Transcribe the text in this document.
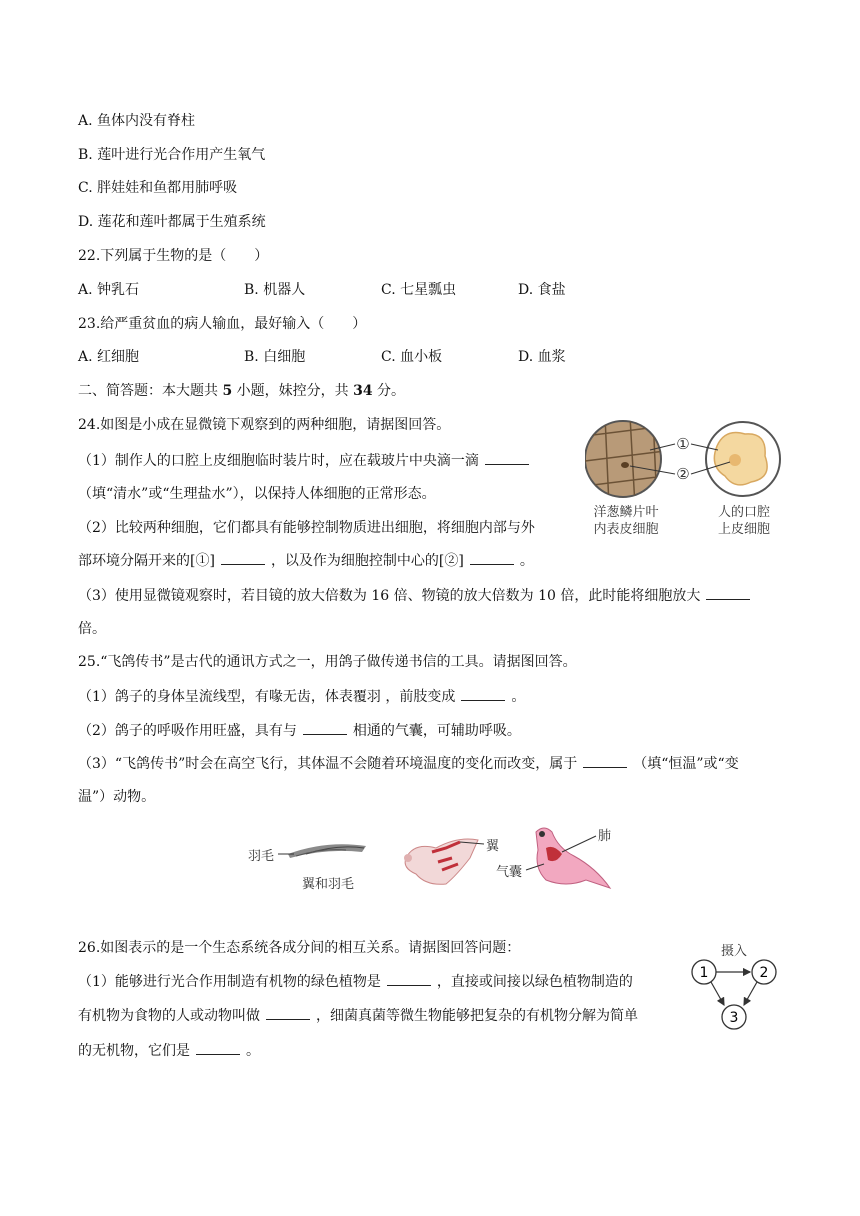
A. 鱼体内没有脊柱
B. 莲叶进行光合作用产生氧气
C. 胖娃娃和鱼都用肺呼吸
D. 莲花和莲叶都属于生殖系统
22.下列属于生物的是（　　）
A. 钟乳石	B. 机器人	C. 七星瓢虫	D. 食盐
23.给严重贫血的病人输血，最好输入（　　）
A. 红细胞	B. 白细胞	C. 血小板	D. 血浆
二、简答题：本大题共 5 小题，妹控分，共 34 分。
24.如图是小成在显微镜下观察到的两种细胞，请据图回答。
（1）制作人的口腔上皮细胞临时装片时，应在载玻片中央滴一滴
（填“清水”或“生理盐水”），以保持人体细胞的正常形态。
（2）比较两种细胞，它们都具有能够控制物质进出细胞，将细胞内部与外
部环境分隔开来的[①]	，以及作为细胞控制中心的[②]	。
（3）使用显微镜观察时，若目镜的放大倍数为 16 倍、物镜的放大倍数为 10 倍，此时能将细胞放大
倍。
①
②
洋葱鳞片叶
内表皮细胞
人的口腔
上皮细胞
25.“飞鸽传书”是古代的通讯方式之一，用鸽子做传递书信的工具。请据图回答。
（1）鸽子的身体呈流线型，有喙无齿，体表覆羽 ，前肢变成	。
（2）鸽子的呼吸作用旺盛，具有与	相通的气囊，可辅助呼吸。
（3）“飞鸽传书”时会在高空飞行，其体温不会随着环境温度的变化而改变，属于	（填“恒温”或“变
温”）动物。
羽毛
翼和羽毛
翼
肺
气囊
26.如图表示的是一个生态系统各成分间的相互关系。请据图回答问题：
（1）能够进行光合作用制造有机物的绿色植物是	，直接或间接以绿色植物制造的
有机物为食物的人或动物叫做	，细菌真菌等微生物能够把复杂的有机物分解为简单
的无机物，它们是	。
摄入
1	2
3
